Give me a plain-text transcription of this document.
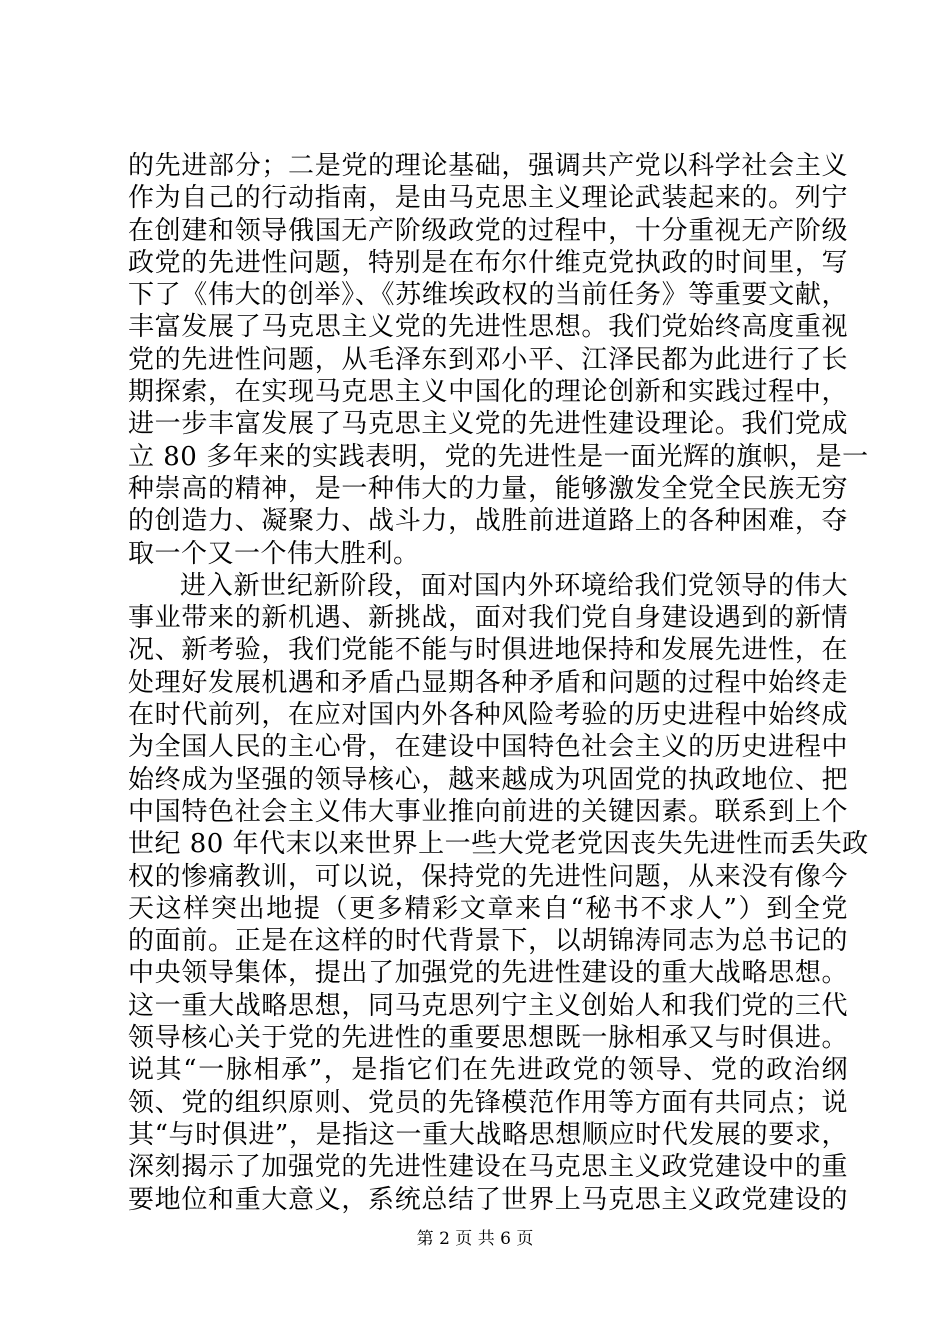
的先进部分；二是党的理论基础，强调共产党以科学社会主义
作为自己的行动指南，是由马克思主义理论武装起来的。列宁
在创建和领导俄国无产阶级政党的过程中，十分重视无产阶级
政党的先进性问题，特别是在布尔什维克党执政的时间里，写
下了《伟大的创举》、《苏维埃政权的当前任务》等重要文献，
丰富发展了马克思主义党的先进性思想。我们党始终高度重视
党的先进性问题，从毛泽东到邓小平、江泽民都为此进行了长
期探索，在实现马克思主义中国化的理论创新和实践过程中，
进一步丰富发展了马克思主义党的先进性建设理论。我们党成
立 80 多年来的实践表明，党的先进性是一面光辉的旗帜，是一
种崇高的精神，是一种伟大的力量，能够激发全党全民族无穷
的创造力、凝聚力、战斗力，战胜前进道路上的各种困难，夺
取一个又一个伟大胜利。
进入新世纪新阶段，面对国内外环境给我们党领导的伟大
事业带来的新机遇、新挑战，面对我们党自身建设遇到的新情
况、新考验，我们党能不能与时俱进地保持和发展先进性，在
处理好发展机遇和矛盾凸显期各种矛盾和问题的过程中始终走
在时代前列，在应对国内外各种风险考验的历史进程中始终成
为全国人民的主心骨，在建设中国特色社会主义的历史进程中
始终成为坚强的领导核心，越来越成为巩固党的执政地位、把
中国特色社会主义伟大事业推向前进的关键因素。联系到上个
世纪 80 年代末以来世界上一些大党老党因丧失先进性而丢失政
权的惨痛教训，可以说，保持党的先进性问题，从来没有像今
天这样突出地提（更多精彩文章来自“秘书不求人”）到全党
的面前。正是在这样的时代背景下，以胡锦涛同志为总书记的
中央领导集体，提出了加强党的先进性建设的重大战略思想。
这一重大战略思想，同马克思列宁主义创始人和我们党的三代
领导核心关于党的先进性的重要思想既一脉相承又与时俱进。
说其“一脉相承”，是指它们在先进政党的领导、党的政治纲
领、党的组织原则、党员的先锋模范作用等方面有共同点；说
其“与时俱进”，是指这一重大战略思想顺应时代发展的要求，
深刻揭示了加强党的先进性建设在马克思主义政党建设中的重
要地位和重大意义，系统总结了世界上马克思主义政党建设的
第 2 页 共 6 页
